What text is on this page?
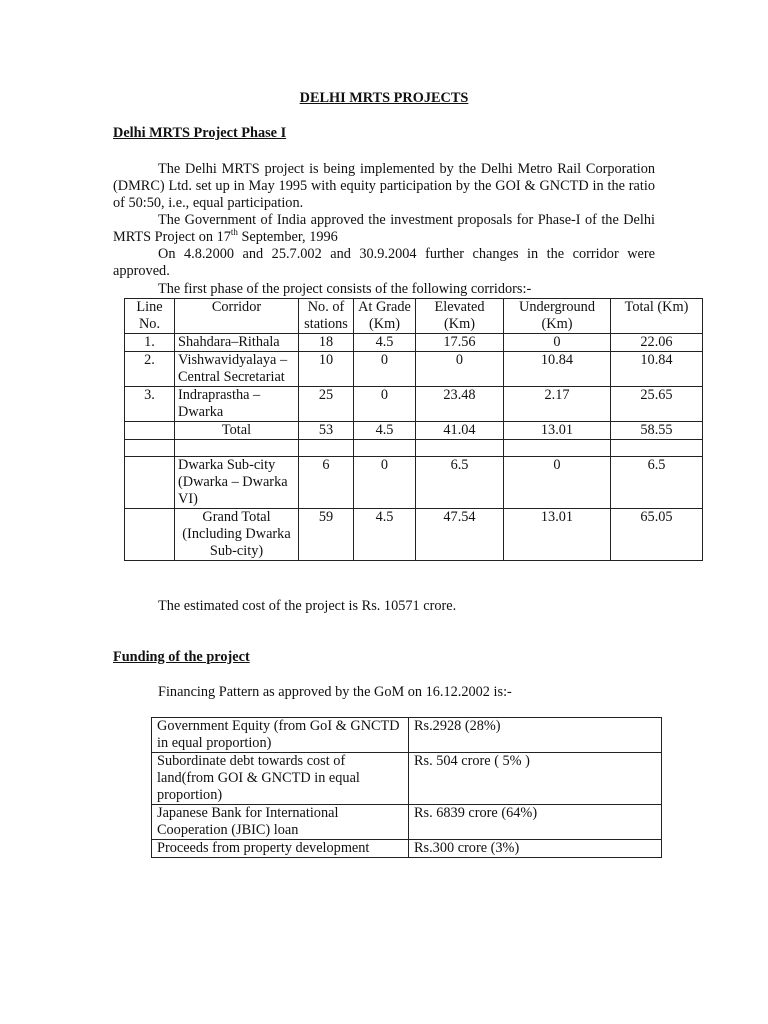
DELHI MRTS PROJECTS

Delhi MRTS Project Phase I

The Delhi MRTS project is being implemented by the Delhi Metro Rail Corporation (DMRC) Ltd. set up in May 1995 with equity participation by the GOI & GNCTD in the ratio of 50:50, i.e., equal participation.

The Government of India approved the investment proposals for Phase-I of the Delhi MRTS Project on 17th September, 1996

On 4.8.2000 and 25.7.002 and 30.9.2004 further changes in the corridor were approved.

The first phase of the project consists of the following corridors:-

Line No.	Corridor	No. of stations	At Grade (Km)	Elevated (Km)	Underground (Km)	Total (Km)
1.	Shahdara–Rithala	18	4.5	17.56	0	22.06
2.	Vishwavidyalaya – Central Secretariat	10	0	0	10.84	10.84
3.	Indraprastha – Dwarka	25	0	23.48	2.17	25.65
	Total	53	4.5	41.04	13.01	58.55

	Dwarka Sub-city (Dwarka – Dwarka VI)	6	0	6.5	0	6.5
	Grand Total (Including Dwarka Sub-city)	59	4.5	47.54	13.01	65.05

The estimated cost of the project is Rs. 10571 crore.

Funding of the project

Financing Pattern as approved by the GoM on 16.12.2002 is:-

Government Equity (from GoI & GNCTD in equal proportion)	Rs.2928 (28%)
Subordinate debt towards cost of land(from GOI & GNCTD in equal proportion)	Rs. 504 crore ( 5% )
Japanese Bank for International Cooperation (JBIC) loan	Rs. 6839 crore (64%)
Proceeds from property development	Rs.300 crore (3%)
